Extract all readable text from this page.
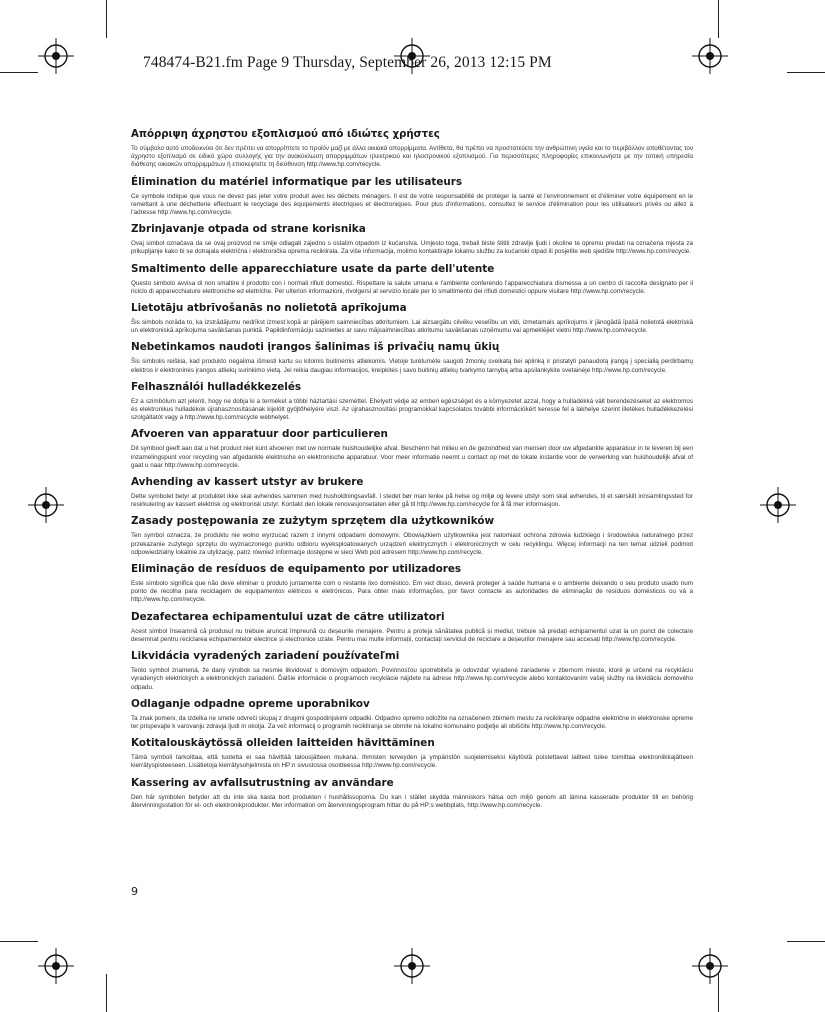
748474-B21.fm Page 9 Thursday, September 26, 2013 12:15 PM
Απόρριψη άχρηστου εξοπλισμού από ιδιώτες χρήστες

Το σύμβολο αυτό υποδεικνύει ότι δεν πρέπει να απορρίπτετε το προϊόν μαζί με άλλα οικιακά απορρίμματα. Αντίθετα, θα πρέπει να προστατεύετε την ανθρώπινη υγεία και το περιβάλλον αποθέτοντας τον άχρηστο εξοπλισμό σε ειδικό χώρο συλλογής για την ανακύκλωση απορριμμάτων ηλεκτρικού και ηλεκτρονικού εξοπλισμού. Για περισσότερες πληροφορίες επικοινωνήστε με την τοπική υπηρεσία διάθεσης οικιακών απορριμμάτων ή επισκεφτείτε τη διεύθυνση http://www.hp.com/recycle.

Élimination du matériel informatique par les utilisateurs

Ce symbole indique que vous ne devez pas jeter votre produit avec les déchets ménagers. Il est de votre responsabilité de protéger la santé et l'environnement et d'éliminer votre équipement en le remettant à une déchetterie effectuant le recyclage des équipements électriques et électroniques. Pour plus d'informations, consultez le service d'élimination pour les utilisateurs privés ou allez à l'adresse http://www.hp.com/recycle.

Zbrinjavanje otpada od strane korisnika

Ovaj simbol označava da se ovaj proizvod ne smije odlagati zajedno s ostalim otpadom iz kućanstva. Umjesto toga, trebali biste štititi zdravlje ljudi i okoline te opremu predati na označena mjesta za prikupljanje kako bi se dotrajala električna i elektronička oprema reciklirala. Za više informacija, molimo kontaktirajte lokalnu službu za kućanski otpad ili posjetite web sjedište http://www.hp.com/recycle.

Smaltimento delle apparecchiature usate da parte dell'utente

Questo simbolo avvisa di non smaltire il prodotto con i normali rifiuti domestici. Rispettare la salute umana e l'ambiente conferendo l'apparecchiatura dismessa a un centro di raccolta designato per il riciclo di apparecchiature elettroniche ed elettriche. Per ulteriori informazioni, rivolgersi al servizio locale per lo smaltimento dei rifiuti domestici oppure visitare http://www.hp.com/recycle.

Lietotāju atbrīvošanās no nolietotā aprīkojuma

Šis simbols norāda to, ka izstrādājumu nedrīkst izmest kopā ar pārējiem saimniecības atkritumiem. Lai aizsargātu cilvēku veselību un vidi, izmetamais aprīkojums ir jānogādā īpašā nolietotā elektriskā un elektroniskā aprīkojuma savākšanas punktā. Papildinformāciju sazinieties ar savu mājsaimniecības atkritumu savākšanas uzņēmumu vai apmeklējiet vietni http://www.hp.com/recycle.

Nebetinkamos naudoti įrangos šalinimas iš privačių namų ūkių

Šis simbolis reiškia, kad produkto negalima išmesti kartu su kitomis buitinėmis atliekomis. Vietoje turėtumėte saugoti žmonių sveikatą bei aplinką ir pristatyti panaudotą įrangą į specialią perdirbamų elektros ir elektroninės įrangos atliekų surinkimo vietą. Jei reikia daugiau informacijos, kreipkitės į savo buitinių atliekų tvarkymo tarnybą arba apsilankykite svetainėje http://www.hp.com/recycle.

Felhasználói hulladékkezelés

Ez a szimbólum azt jelenti, hogy ne dobja ki a terméket a többi háztartási szeméttel. Ehelyett védje az emberi egészséget és a környezetet azzal, hogy a hulladékká vált berendezéseket az elektromos és elektronikus hulladékok újrahasznosításának kijelölt gyűjtőhelyére viszi. Az újrahasznosítási programokkal kapcsolatos további információkért keresse fel a lakhelye szerint illetékes hulladékkezelési szolgáltatót vagy a http://www.hp.com/recycle webhelyet.

Afvoeren van apparatuur door particulieren

Dit symbool geeft aan dat u het product niet kunt afvoeren met uw normale huishoudelijke afval. Bescherm het milieu en de gezondheid van mensen door uw afgedankte apparatuur in te leveren bij een inzamelingspunt voor recycling van afgedankte elektrische en elektronische apparatuur. Voor meer informatie neemt u contact op met de lokale instantie voor de verwerking van huishoudelijk afval of gaat u naar http://www.hp.com/recycle.

Avhending av kassert utstyr av brukere

Dette symbolet betyr at produktet ikke skal avhendes sammen med husholdningsavfall. I stedet bør man tenke på helse og miljø og levere utstyr som skal avhendes, til et særskilt innsamlingssted for resirkulering av kassert elektrisk og elektronisk utstyr. Kontakt den lokale renovasjonsetaten eller gå til http://www.hp.com/recycle for å få mer informasjon.

Zasady postępowania ze zużytym sprzętem dla użytkowników

Ten symbol oznacza, że produktu nie wolno wyrzucać razem z innymi odpadami domowymi. Obowiązkiem użytkownika jest natomiast ochrona zdrowia ludzkiego i środowiska naturalnego przez przekazanie zużytego sprzętu do wyznaczonego punktu odbioru wyeksploatowanych urządzeń elektrycznych i elektronicznych w celu recyklingu. Więcej informacji na ten temat udzieli podmiot odpowiedzialny lokalnie za utylizację, patrz również informacje dostępne w sieci Web pod adresem http://www.hp.com/recycle.

Eliminação de resíduos de equipamento por utilizadores

Este símbolo significa que não deve eliminar o produto juntamente com o restante lixo doméstico. Em vez disso, deverá proteger a saúde humana e o ambiente deixando o seu produto usado num ponto de recolha para reciclagem de equipamentos elétricos e eletrónicos. Para obter mais informações, por favor contacte as autoridades de eliminação de resíduos domésticos ou vá a http://www.hp.com/recycle.

Dezafectarea echipamentului uzat de către utilizatori

Acest simbol înseamnă că produsul nu trebuie aruncat împreună cu deșeurile menajere. Pentru a proteja sănătatea publică și mediul, trebuie să predați echipamentul uzat la un punct de colectare desemnat pentru reciclarea echipamentelor electrice și electronice uzate. Pentru mai multe informații, contactați serviciul de reciclare a deșeurilor menajere sau accesați http://www.hp.com/recycle.

Likvidácia vyradených zariadení používateľmi

Tento symbol znamená, že daný výrobok sa nesmie likvidovať s domovým odpadom. Povinnosťou spotrebiteľa je odovzdať vyradené zariadenie v zbernom mieste, ktoré je určené na recykláciu vyradených elektrických a elektronických zariadení. Ďalšie informácie o programoch recyklácie nájdete na adrese http://www.hp.com/recycle alebo kontaktovaním vašej služby na likvidáciu domového odpadu.

Odlaganje odpadne opreme uporabnikov

Ta znak pomeni, da izdelka ne smete odvreči skupaj z drugimi gospodinjskimi odpadki. Odpadno opremo odložite na označenem zbirnem mestu za recikliranje odpadne električne in elektronske opreme ter prispevajte k varovanju zdravja ljudi in okolja. Za več informacij o programih recikliranja se obrnite na lokalno komunalno podjetje ali obiščite http://www.hp.com/recycle.

Kotitalouskäytössä olleiden laitteiden hävittäminen

Tämä symboli tarkoittaa, että tuotetta ei saa hävittää talousjätteen mukana. Ihmisten terveyden ja ympäristön suojelemiseksi käytöstä poistettavat laitteet tulee toimittaa elektroniikkajätteen kierrätyspisteeseen. Lisätietoja kierrätysohjelmista on HP:n sivustossa osoitteessa http://www.hp.com/recycle.

Kassering av avfallsutrustning av användare

Den här symbolen betyder att du inte ska kasta bort produkten i hushållssoporna. Du kan i stället skydda människors hälsa och miljö genom att lämna kasserade produkter till en behörig återvinningsstation för el- och elektronikprodukter. Mer information om återvinningsprogram hittar du på HP:s webbplats, http://www.hp.com/recycle.

9
